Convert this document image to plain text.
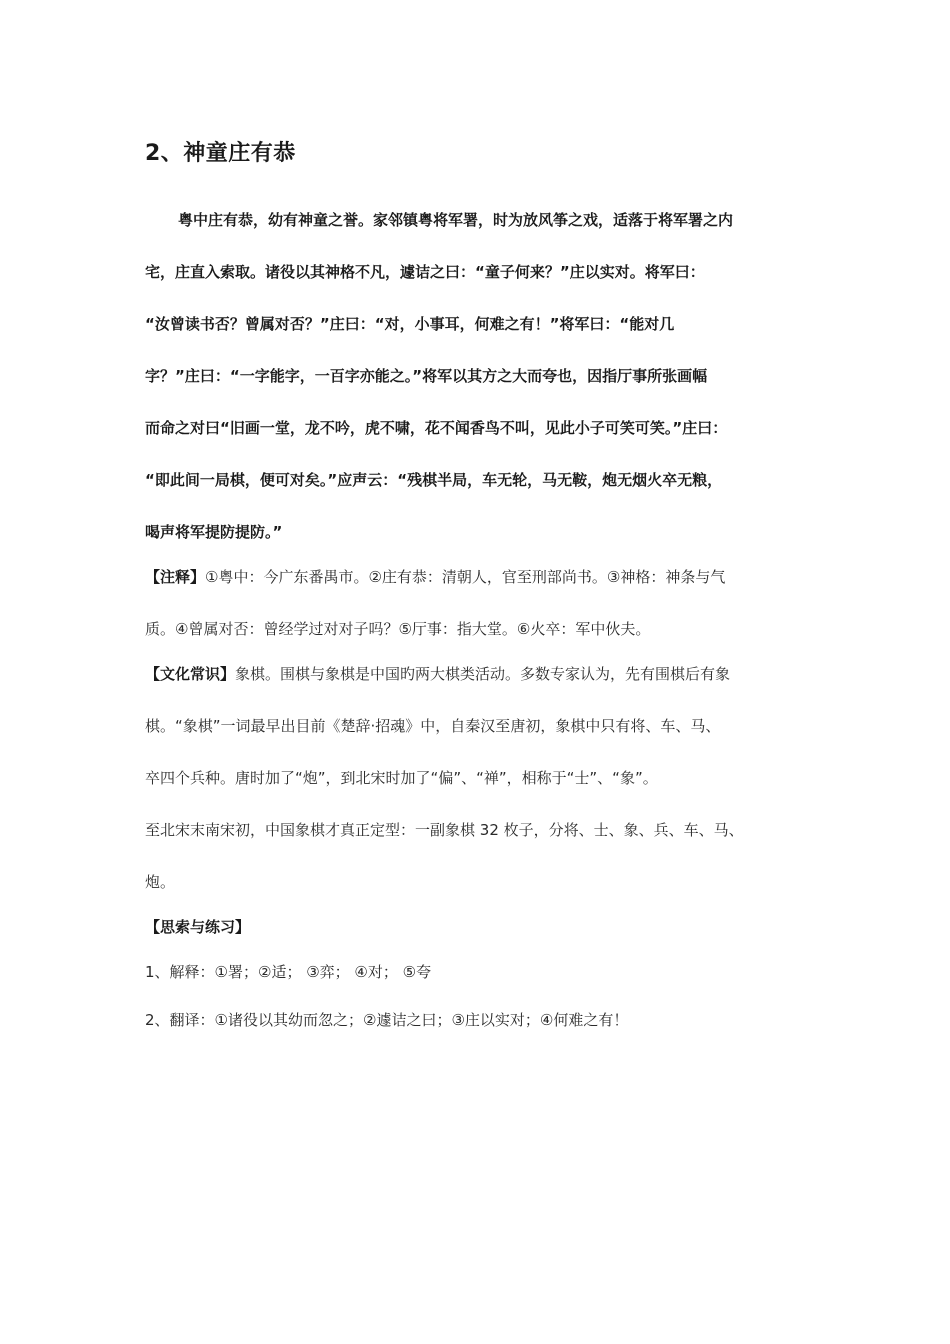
2、神童庄有恭
粤中庄有恭，幼有神童之誉。家邻镇粤将军署，时为放风筝之戏，适落于将军署之内
宅，庄直入索取。诸役以其神格不凡，遽诘之曰：“童子何来？”庄以实对。将军曰：
“汝曾读书否？曾属对否？”庄曰：“对，小事耳，何难之有！”将军曰：“能对几
字？”庄曰：“一字能字，一百字亦能之。”将军以其方之大而夸也，因指厅事所张画幅
而命之对曰“旧画一堂，龙不吟，虎不啸，花不闻香鸟不叫，见此小子可笑可笑。”庄曰：
“即此间一局棋，便可对矣。”应声云：“残棋半局，车无轮，马无鞍，炮无烟火卒无粮，
喝声将军提防提防。”
【注释】①粤中：今广东番禺市。②庄有恭：清朝人，官至刑部尚书。③神格：神条与气
质。④曾属对否：曾经学过对对子吗？⑤厅事：指大堂。⑥火卒：军中伙夫。
【文化常识】象棋。围棋与象棋是中国旳两大棋类活动。多数专家认为，先有围棋后有象
棋。“象棋”一词最早出目前《楚辞·招魂》中，自秦汉至唐初，象棋中只有将、车、马、
卒四个兵种。唐时加了“炮”，到北宋时加了“偏”、“禅”，相称于“士”、“象”。
至北宋末南宋初，中国象棋才真正定型：一副象棋 32 枚子，分将、士、象、兵、车、马、
炮。
【思索与练习】
1、解释：①署；②适； ③弈； ④对； ⑤夸
2、翻译：①诸役以其幼而忽之；②遽诘之曰；③庄以实对；④何难之有！
